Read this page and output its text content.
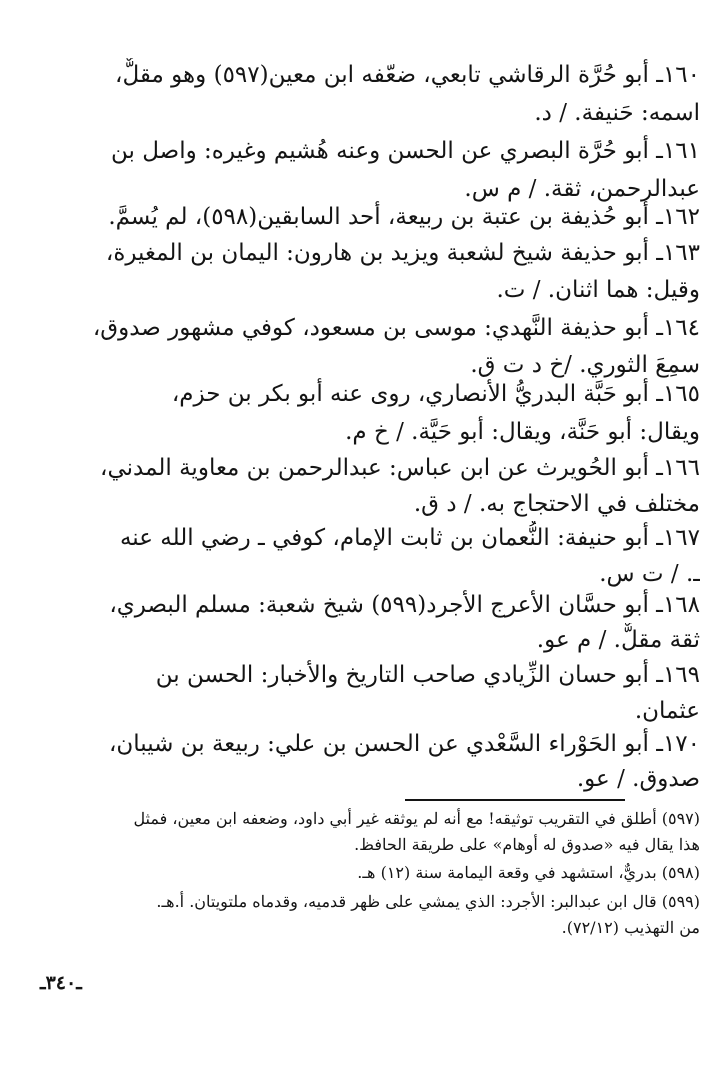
١٦٠ـ أبو حُرَّة الرقاشي تابعي، ضعّفه ابن معين(٥٩٧) وهو مقلٌّ،
اسمه: حَنيفة. / د.
١٦١ـ أبو حُرَّة البصري عن الحسن وعنه هُشيم وغيره: واصل بن
عبدالرحمن، ثقة. / م س.
١٦٢ـ أبو حُذيفة بن عتبة بن ربيعة، أحد السابقين(٥٩٨)، لم يُسمَّ.
١٦٣ـ أبو حذيفة شيخ لشعبة ويزيد بن هارون: اليمان بن المغيرة،
وقيل: هما اثنان. / ت.
١٦٤ـ أبو حذيفة النَّهدي: موسى بن مسعود، كوفي مشهور صدوق،
سمِعَ الثوري. /خ د ت ق.
١٦٥ـ أبو حَبَّة البدريُّ الأنصاري، روى عنه أبو بكر بن حزم،
ويقال: أبو حَنَّة، ويقال: أبو حَيَّة. / خ م.
١٦٦ـ أبو الحُويرث عن ابن عباس: عبدالرحمن بن معاوية المدني،
مختلف في الاحتجاج به. / د ق.
١٦٧ـ أبو حنيفة: النُّعمان بن ثابت الإمام، كوفي ـ رضي الله عنه
ـ. / ت س.
١٦٨ـ أبو حسَّان الأعرج الأجرد(٥٩٩) شيخ شعبة: مسلم البصري،
ثقة مقلٌّ. / م عو.
١٦٩ـ أبو حسان الزِّيادي صاحب التاريخ والأخبار: الحسن بن
عثمان.
١٧٠ـ أبو الحَوْراء السَّعْدي عن الحسن بن علي: ربيعة بن شيبان،
صدوق. / عو.
(٥٩٧) أطلق في التقريب توثيقه! مع أنه لم يوثقه غير أبي داود، وضعفه ابن معين، فمثل
هذا يقال فيه «صدوق له أوهام» على طريقة الحافظ.
(٥٩٨) بدريٌّ، استشهد في وقعة اليمامة سنة (١٢) هـ.
(٥٩٩) قال ابن عبدالبر: الأجرد: الذي يمشي على ظهر قدميه، وقدماه ملتويتان. أ.هـ.
من التهذيب (٧٢/١٢).
ـ٣٤٠ـ
